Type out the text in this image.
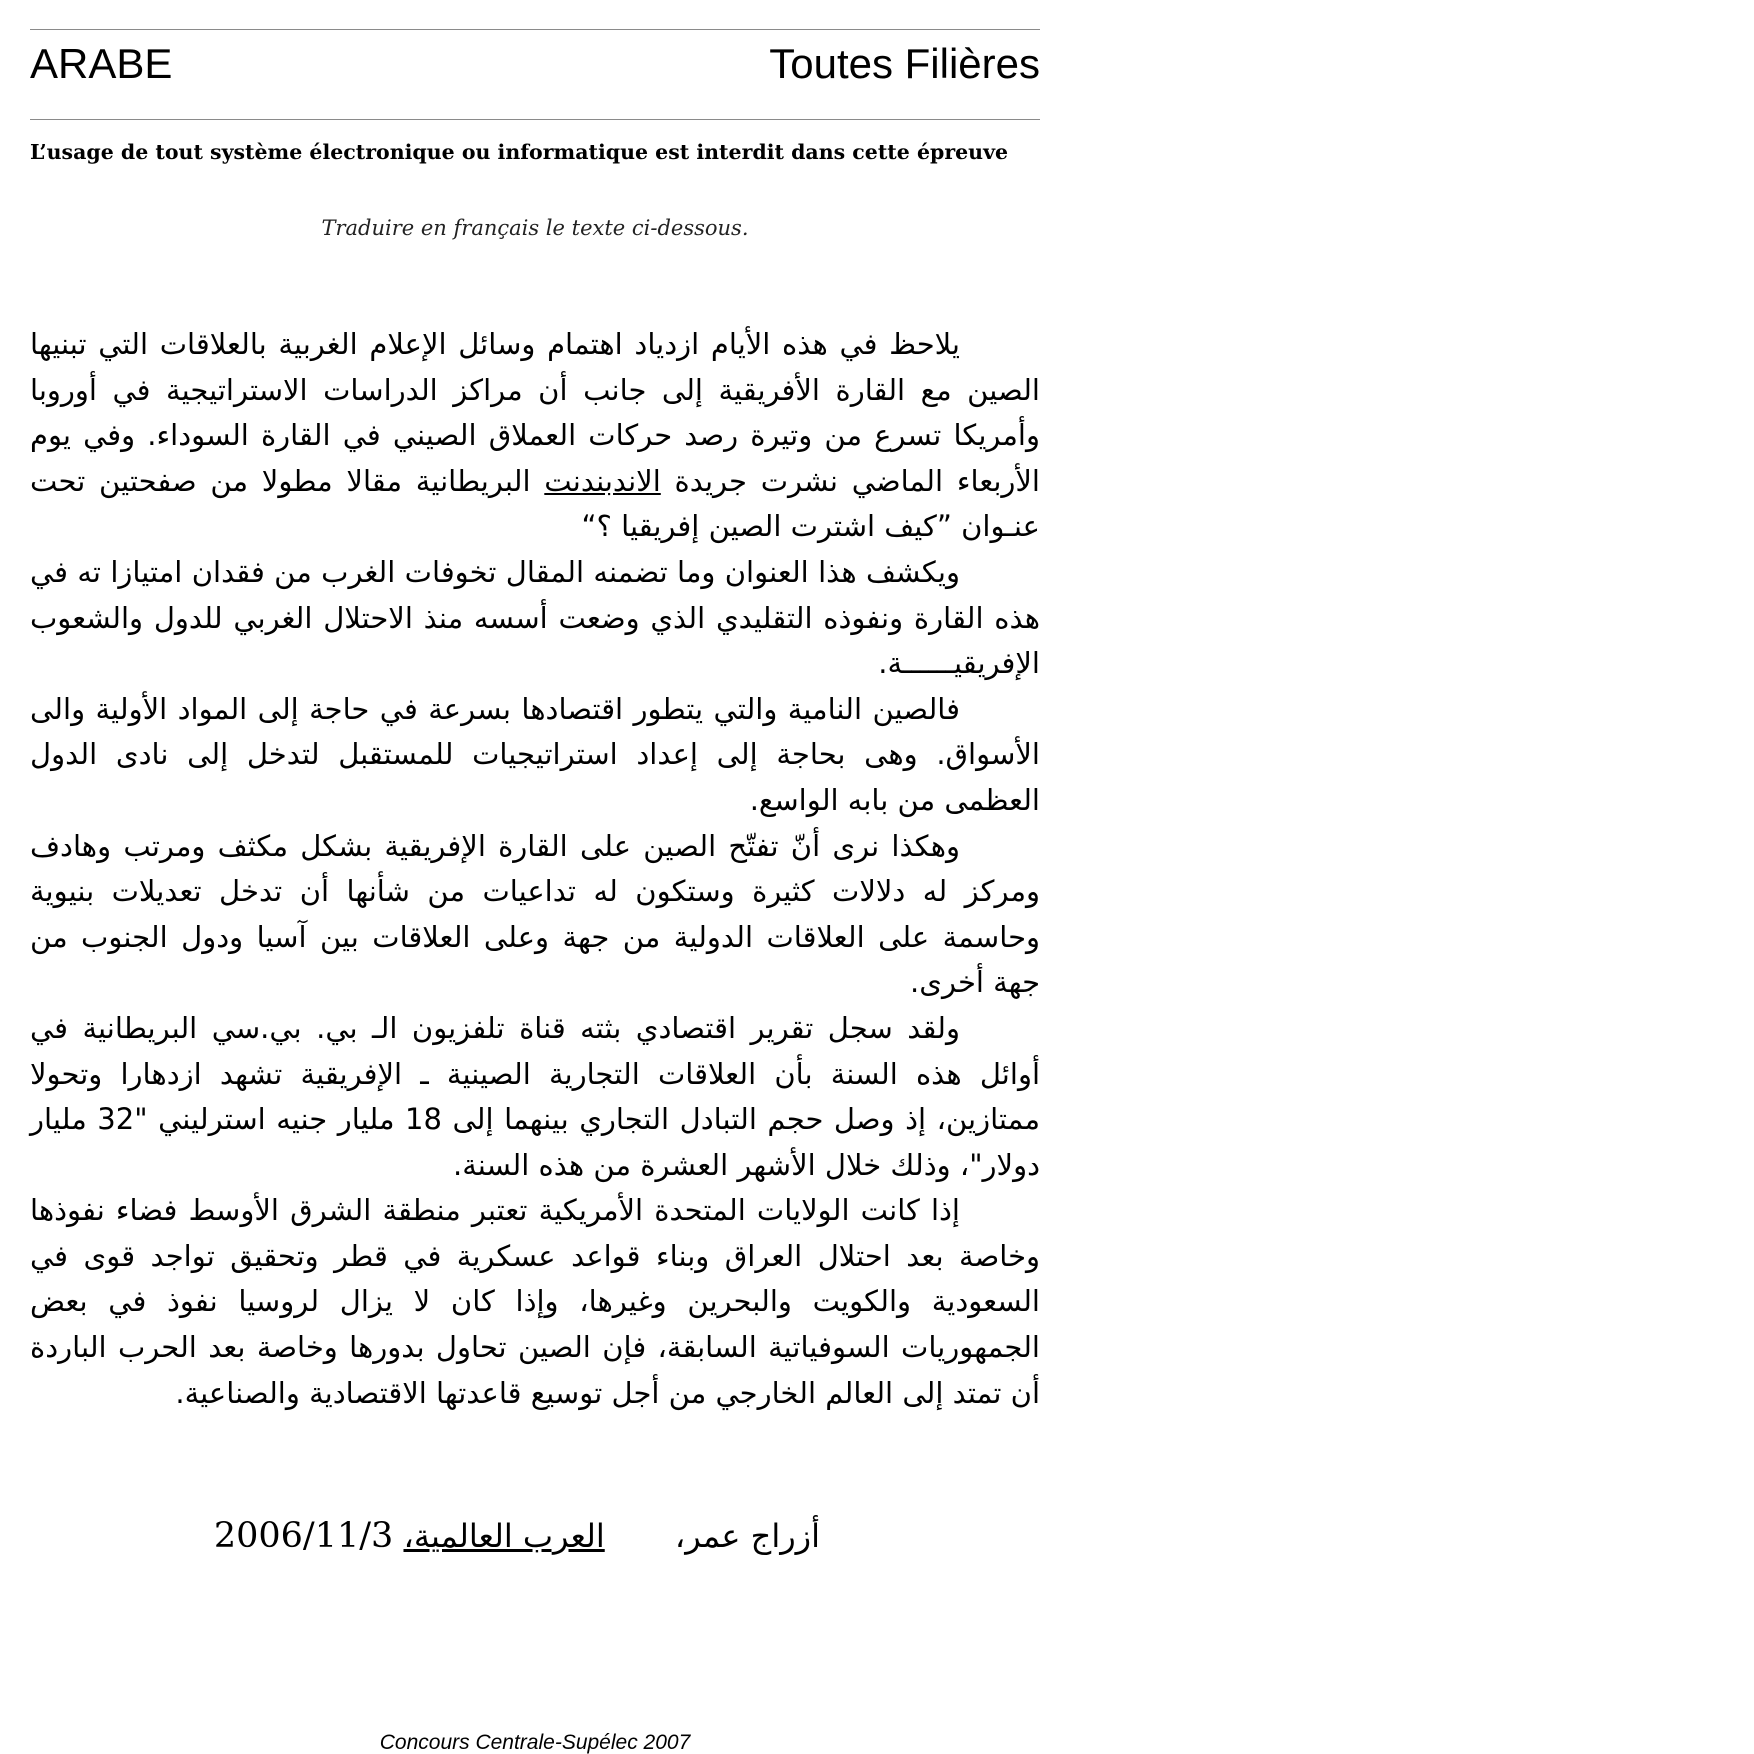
ARABE	Toutes Filières
L’usage de tout système électronique ou informatique est interdit dans cette épreuve
Traduire en français le texte ci-dessous.

يلاحظ في هذه الأيام ازدياد اهتمام وسائل الإعلام الغربية بالعلاقات التي تبنيها الصين مع القارة الأفريقية إلى جانب أن مراكز الدراسات الاستراتيجية في أوروبا وأمريكا تسرع من وتيرة رصد حركات العملاق الصيني في القارة السوداء. وفي يوم الأربعاء الماضي نشرت جريدة الاندبندنت البريطانية مقالا مطولا من صفحتين تحت عنـوان ”كيف اشترت الصين إفريقيا ؟“

ويكشف هذا العنوان وما تضمنه المقال تخوفات الغرب من فقدان امتيازا ته في هذه القارة ونفوذه التقليدي الذي وضعت أسسه منذ الاحتلال الغربي للدول والشعوب الإفريقيــــــة.

فالصين النامية والتي يتطور اقتصادها بسرعة في حاجة إلى المواد الأولية والى الأسواق. وهى بحاجة إلى إعداد استراتيجيات للمستقبل لتدخل إلى نادى الدول العظمى من بابه الواسع.

وهكذا نرى أنّ تفتّح الصين على القارة الإفريقية بشكل مكثف ومرتب وهادف ومركز له دلالات كثيرة وستكون له تداعيات من شأنها أن تدخل تعديلات بنيوية وحاسمة على العلاقات الدولية من جهة وعلى العلاقات بين آسيا ودول الجنوب من جهة أخرى.

ولقد سجل تقرير اقتصادي بثته قناة تلفزيون الـ بي. بي.سي البريطانية في أوائل هذه السنة بأن العلاقات التجارية الصينية ـ الإفريقية تشهد ازدهارا وتحولا ممتازين، إذ وصل حجم التبادل التجاري بينهما إلى 18 مليار جنيه استرليني "32 مليار دولار"، وذلك خلال الأشهر العشرة من هذه السنة.

إذا كانت الولايات المتحدة الأمريكية تعتبر منطقة الشرق الأوسط فضاء نفوذها وخاصة بعد احتلال العراق وبناء قواعد عسكرية في قطر وتحقيق تواجد قوى في السعودية والكويت والبحرين وغيرها، وإذا كان لا يزال لروسيا نفوذ في بعض الجمهوريات السوفياتية السابقة، فإن الصين تحاول بدورها وخاصة بعد الحرب الباردة أن تمتد إلى العالم الخارجي من أجل توسيع قاعدتها الاقتصادية والصناعية.

أزراج عمر، العرب العالمية، 2006/11/3
Concours Centrale-Supélec 2007
